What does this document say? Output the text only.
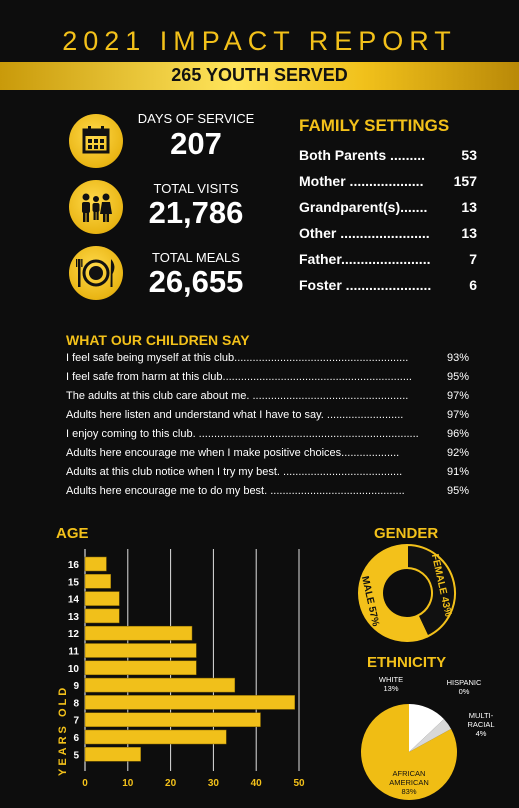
2021 IMPACT REPORT
265 YOUTH SERVED
DAYS OF SERVICE
207
TOTAL VISITS
21,786
TOTAL MEALS
26,655
FAMILY SETTINGS
Both Parents .........	53
Mother ................... 157
Grandparent(s)....... 13
Other ....................... 13
Father.......................	7
Foster ......................	6
WHAT OUR CHILDREN SAY
I feel safe being myself at this club.........................................................	93%
I feel safe from harm at this club..............................................................	95%
The adults at this club care about me. ...................................................	97%
Adults here listen and understand what I have to say. .........................	97%
I enjoy coming to this club. ........................................................................	96%
Adults here encourage me when I make positive choices...................	92%
Adults at this club notice when I try my best. .......................................	91%
Adults here encourage me to do my best. ............................................	95%
AGE	GENDER
ETHNICITY
16
15
14
13
12
11
10
9
8
7
6
5
0	10	20	30	40	50
YEARS OLD
FEMALE 43%
MALE 57%
AFRICAN AMERICAN 83%
WHITE 13%
HISPANIC 0%
MULTI-RACIAL 4%
